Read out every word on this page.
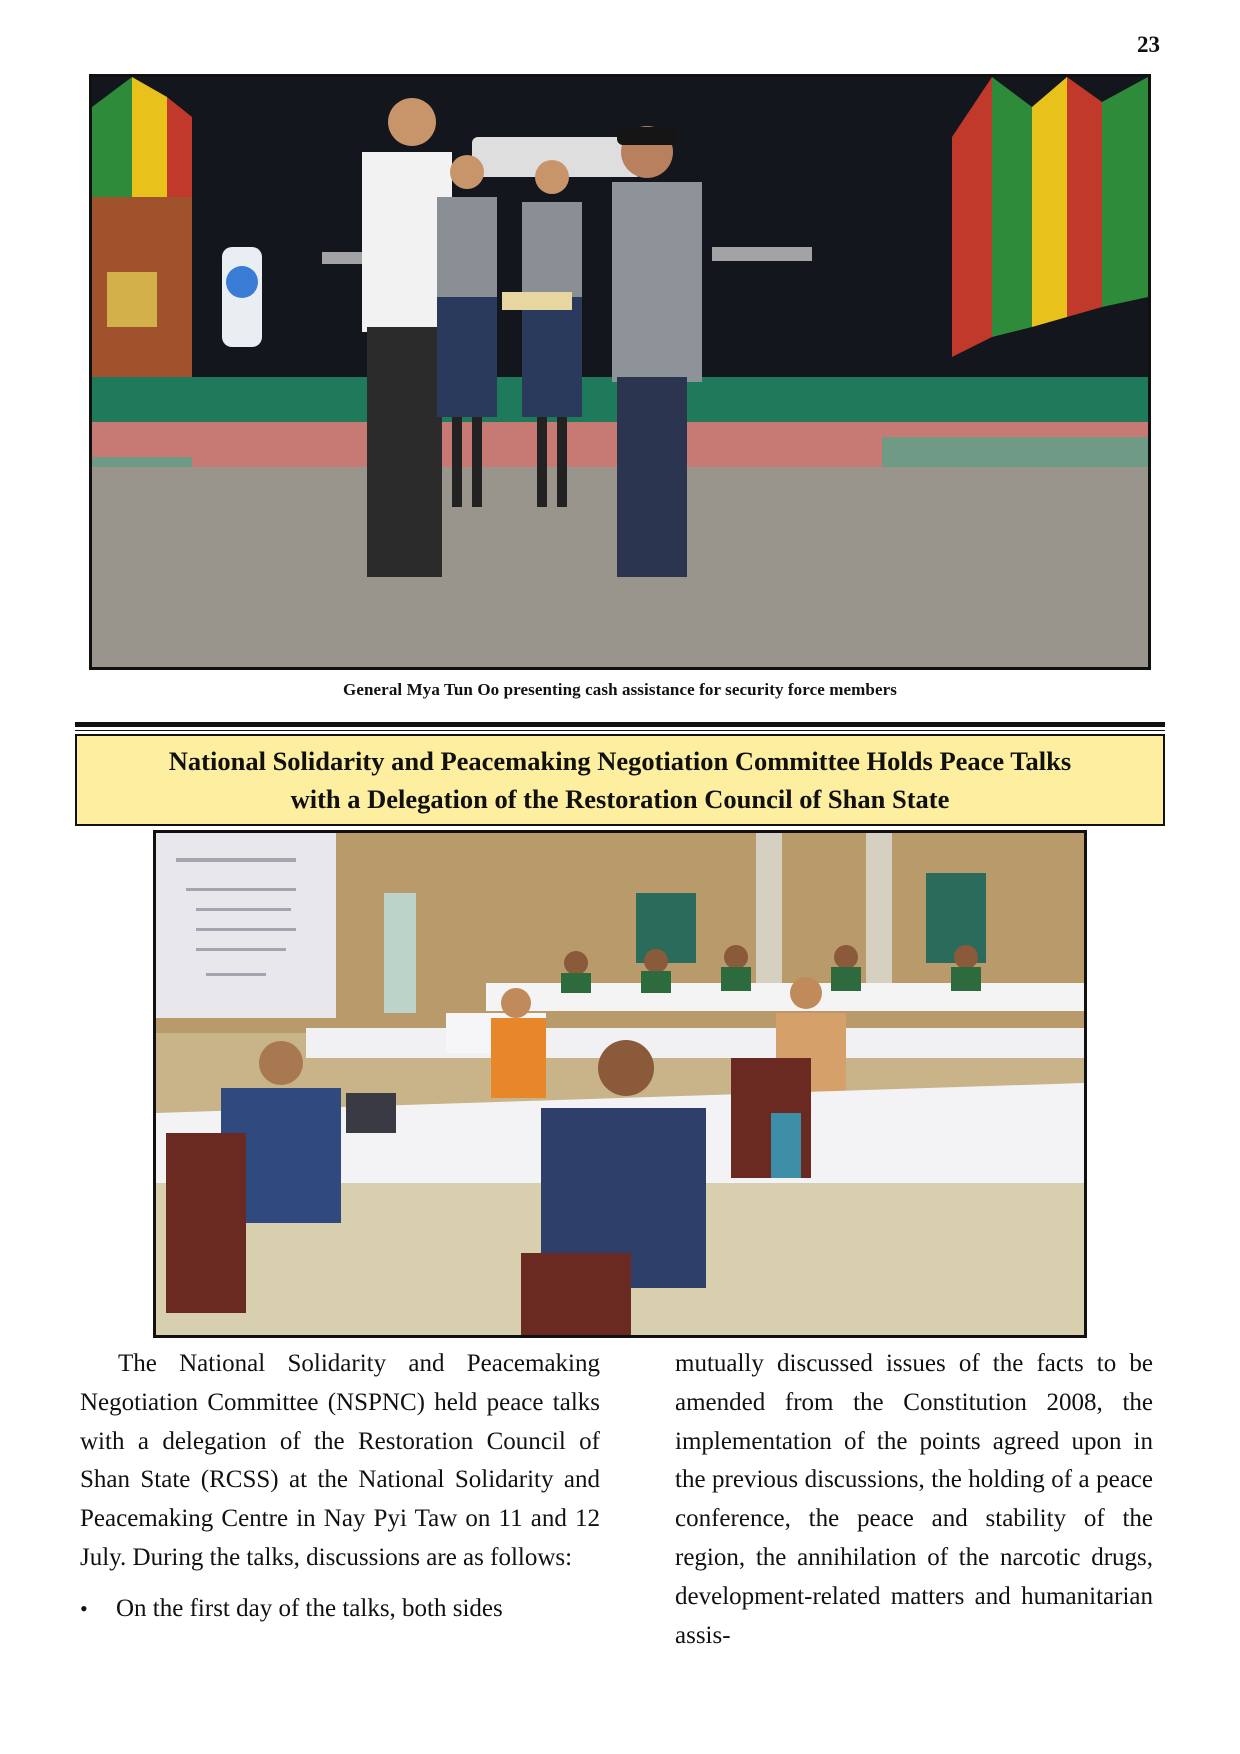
23
General Mya Tun Oo presenting cash assistance for security force members
National Solidarity and Peacemaking Negotiation Committee Holds Peace Talks
with a Delegation of the Restoration Council of Shan State

The National Solidarity and Peacemaking Negotiation Committee (NSPNC) held peace talks with a delegation of the Restoration Council of Shan State (RCSS) at the National Solidarity and Peacemaking Centre in Nay Pyi Taw on 11 and 12 July. During the talks, discussions are as follows:

•	On the first day of the talks, both sides

mutually discussed issues of the facts to be amended from the Constitution 2008, the implementation of the points agreed upon in the previous discussions, the holding of a peace conference, the peace and stability of the region, the annihilation of the narcotic drugs, development-related matters and humanitarian assis-
